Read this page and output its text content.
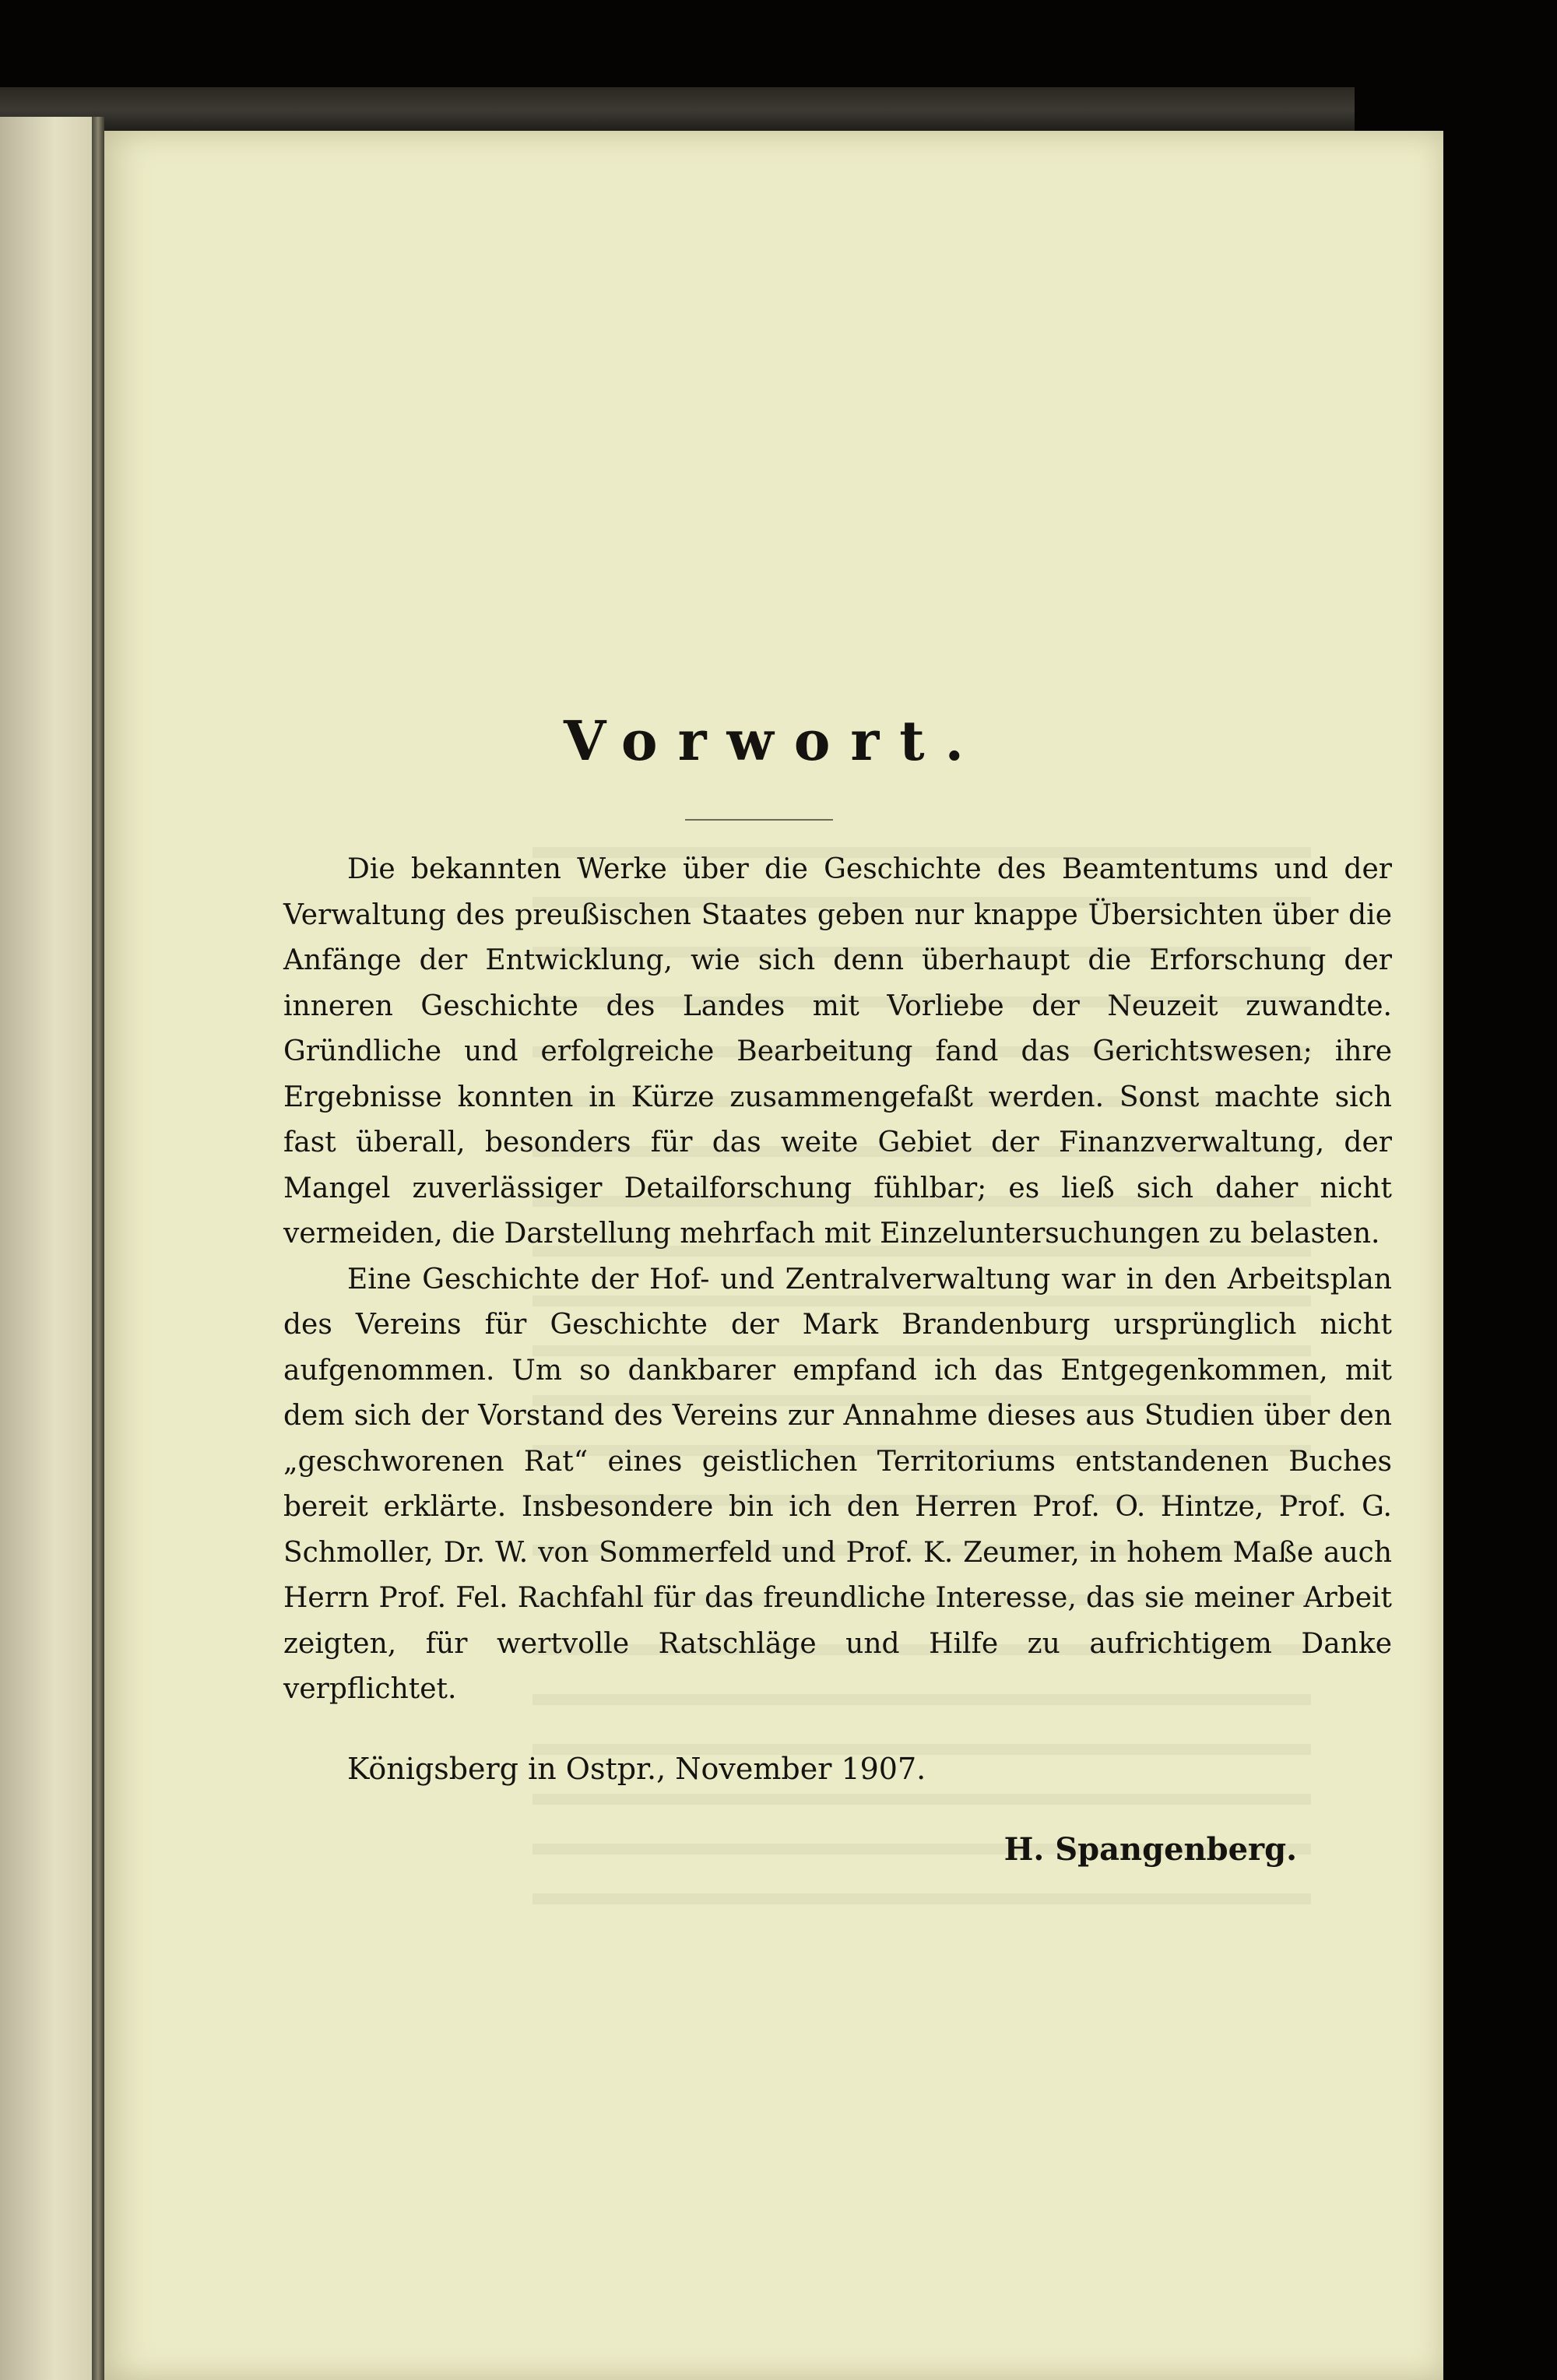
Vorwort.

Die bekannten Werke über die Geschichte des Beamtentums und der Verwaltung des preußischen Staates geben nur knappe Übersichten über die Anfänge der Entwicklung, wie sich denn überhaupt die Erforschung der inneren Geschichte des Landes mit Vorliebe der Neuzeit zuwandte. Gründliche und erfolgreiche Bearbeitung fand das Gerichtswesen; ihre Ergebnisse konnten in Kürze zusammengefaßt werden. Sonst machte sich fast überall, besonders für das weite Gebiet der Finanzverwaltung, der Mangel zuverlässiger Detailforschung fühlbar; es ließ sich daher nicht vermeiden, die Darstellung mehrfach mit Einzeluntersuchungen zu belasten.

Eine Geschichte der Hof- und Zentralverwaltung war in den Arbeitsplan des Vereins für Geschichte der Mark Brandenburg ursprünglich nicht aufgenommen. Um so dankbarer empfand ich das Entgegenkommen, mit dem sich der Vorstand des Vereins zur Annahme dieses aus Studien über den „geschworenen Rat“ eines geistlichen Territoriums entstandenen Buches bereit erklärte. Insbesondere bin ich den Herren Prof. O. Hintze, Prof. G. Schmoller, Dr. W. von Sommerfeld und Prof. K. Zeumer, in hohem Maße auch Herrn Prof. Fel. Rachfahl für das freundliche Interesse, das sie meiner Arbeit zeigten, für wertvolle Ratschläge und Hilfe zu aufrichtigem Danke verpflichtet.

Königsberg in Ostpr., November 1907.
H. Spangenberg.
